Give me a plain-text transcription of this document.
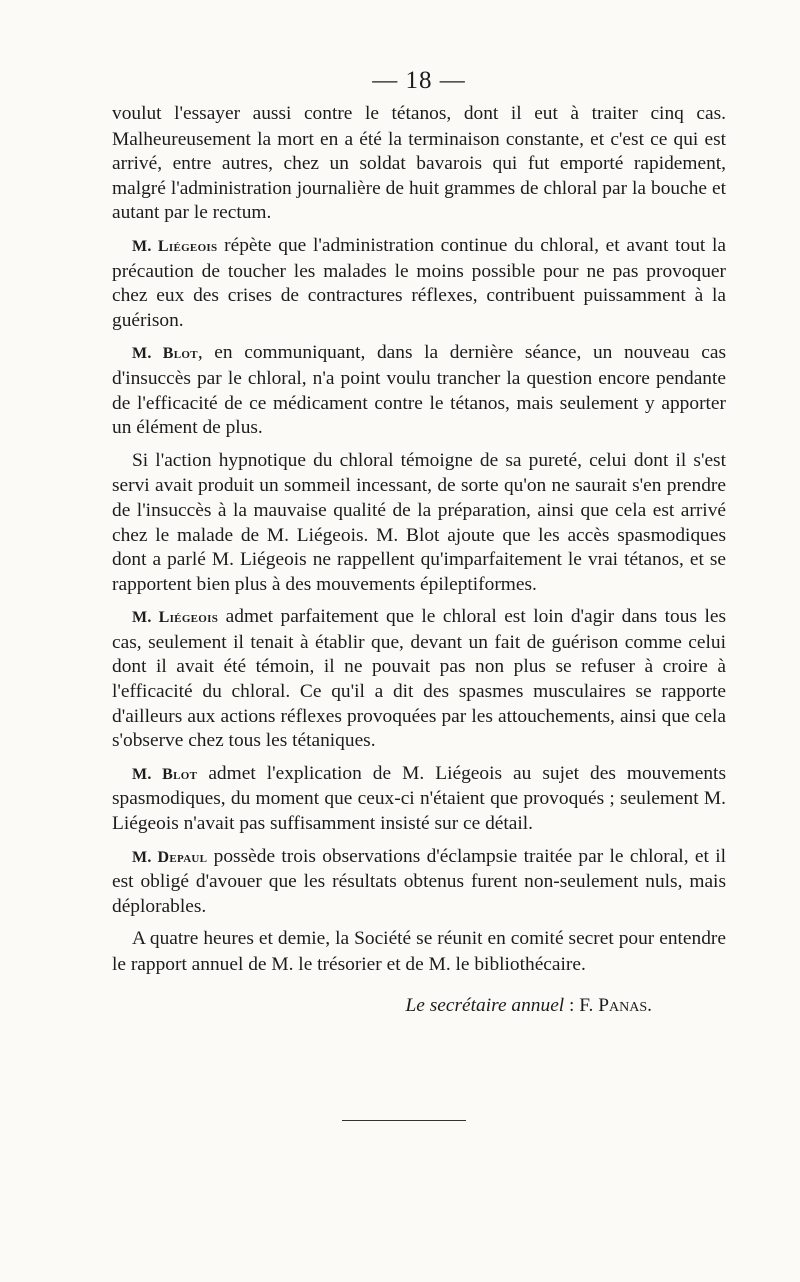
— 18 —

voulut l'essayer aussi contre le tétanos, dont il eut à traiter cinq cas. Malheureusement la mort en a été la terminaison constante, et c'est ce qui est arrivé, entre autres, chez un soldat bavarois qui fut emporté rapidement, malgré l'administration journalière de huit grammes de chloral par la bouche et autant par le rectum.

M. Liégeois répète que l'administration continue du chloral, et avant tout la précaution de toucher les malades le moins possible pour ne pas provoquer chez eux des crises de contractures réflexes, contribuent puissamment à la guérison.

M. Blot, en communiquant, dans la dernière séance, un nouveau cas d'insuccès par le chloral, n'a point voulu trancher la question encore pendante de l'efficacité de ce médicament contre le tétanos, mais seulement y apporter un élément de plus.

Si l'action hypnotique du chloral témoigne de sa pureté, celui dont il s'est servi avait produit un sommeil incessant, de sorte qu'on ne saurait s'en prendre de l'insuccès à la mauvaise qualité de la préparation, ainsi que cela est arrivé chez le malade de M. Liégeois. M. Blot ajoute que les accès spasmodiques dont a parlé M. Liégeois ne rappellent qu'imparfaitement le vrai tétanos, et se rapportent bien plus à des mouvements épileptiformes.

M. Liégeois admet parfaitement que le chloral est loin d'agir dans tous les cas, seulement il tenait à établir que, devant un fait de guérison comme celui dont il avait été témoin, il ne pouvait pas non plus se refuser à croire à l'efficacité du chloral. Ce qu'il a dit des spasmes musculaires se rapporte d'ailleurs aux actions réflexes provoquées par les attouchements, ainsi que cela s'observe chez tous les tétaniques.

M. Blot admet l'explication de M. Liégeois au sujet des mouvements spasmodiques, du moment que ceux-ci n'étaient que provoqués ; seulement M. Liégeois n'avait pas suffisamment insisté sur ce détail.

M. Depaul possède trois observations d'éclampsie traitée par le chloral, et il est obligé d'avouer que les résultats obtenus furent non-seulement nuls, mais déplorables.

A quatre heures et demie, la Société se réunit en comité secret pour entendre le rapport annuel de M. le trésorier et de M. le bibliothécaire.

Le secrétaire annuel : F. Panas.
